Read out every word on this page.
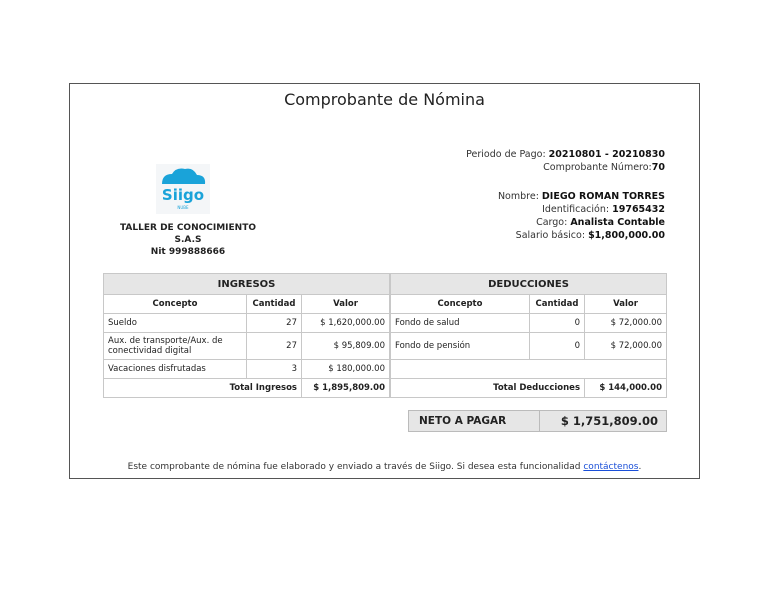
Comprobante de Nómina
Siigo
NUBE
TALLER DE CONOCIMIENTO S.A.S
Nit 999888666
Periodo de Pago: 20210801 - 20210830
Comprobante Número:70
Nombre: DIEGO ROMAN TORRES
Identificación: 19765432
Cargo: Analista Contable
Salario básico: $1,800,000.00
INGRESOS		
Concepto	Cantidad	Valor
Sueldo	27	$ 1,620,000.00
Aux. de transporte/Aux. de conectividad digital	27	$ 95,809.00
Vacaciones disfrutadas	3	$ 180,000.00
Total Ingresos		$ 1,895,809.00
DEDUCCIONES		
Concepto	Cantidad	Valor
Fondo de salud	0	$ 72,000.00
Fondo de pensión	0	$ 72,000.00

Total Deducciones		$ 144,000.00
NETO A PAGAR	$ 1,751,809.00
Este comprobante de nómina fue elaborado y enviado a través de Siigo. Si desea esta funcionalidad contáctenos.
